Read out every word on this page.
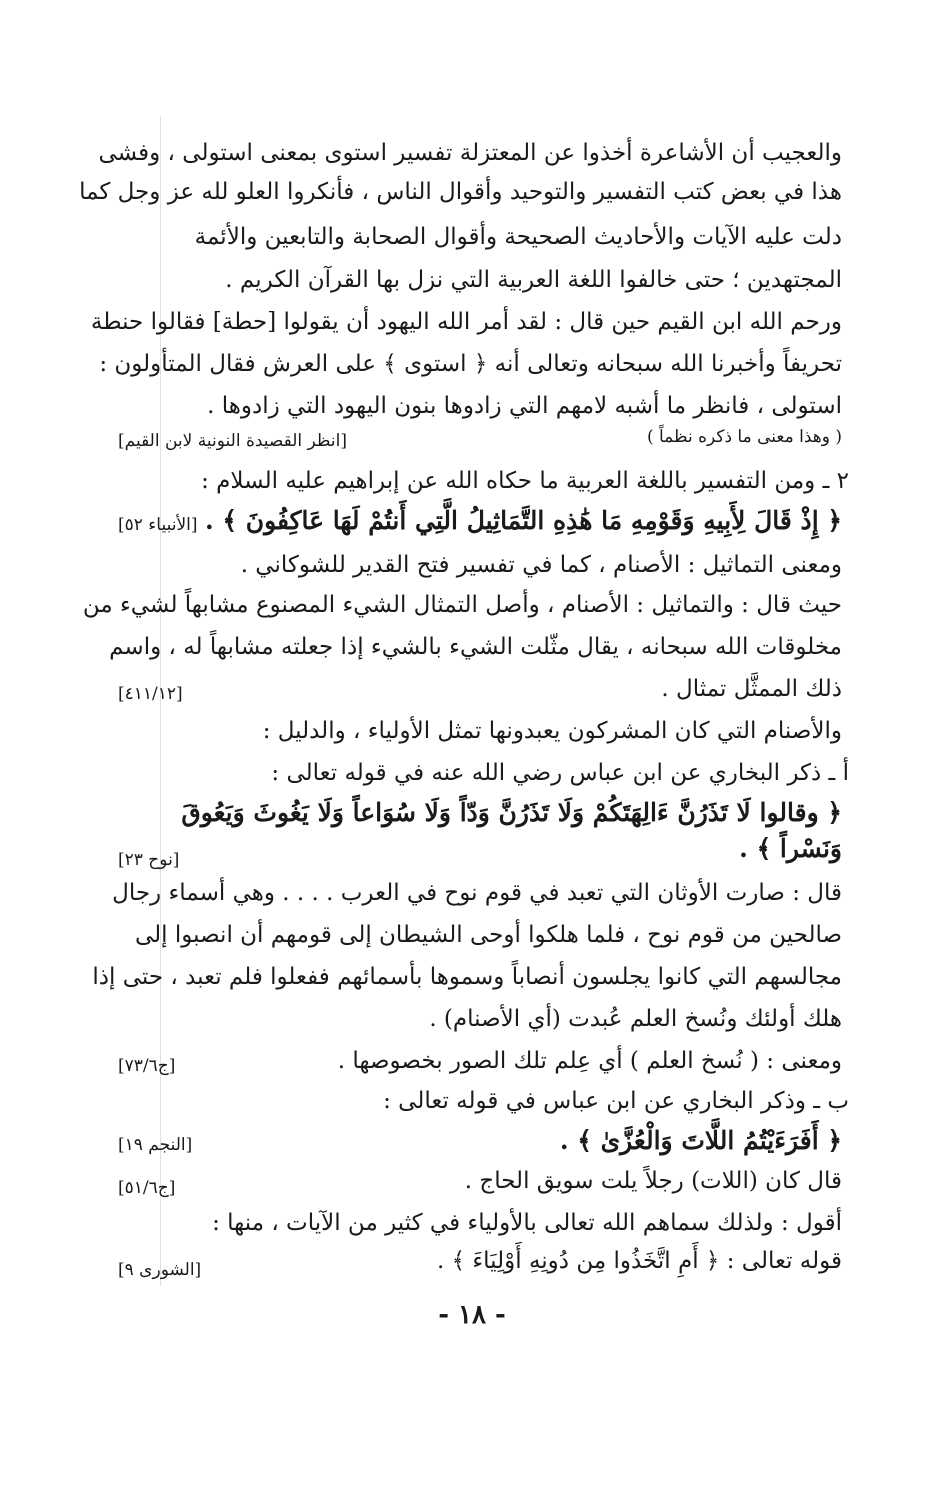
والعجيب أن الأشاعرة أخذوا عن المعتزلة تفسير استوى بمعنى استولى ، وفشى
هذا في بعض كتب التفسير والتوحيد وأقوال الناس ، فأنكروا العلو لله عز وجل كما
دلت عليه الآيات والأحاديث الصحيحة وأقوال الصحابة والتابعين والأئمة
المجتهدين ؛ حتى خالفوا اللغة العربية التي نزل بها القرآن الكريم .
ورحم الله ابن القيم حين قال : لقد أمر الله اليهود أن يقولوا [حطة] فقالوا حنطة
تحريفاً وأخبرنا الله سبحانه وتعالى أنه ﴿ استوى ﴾ على العرش فقال المتأولون :
استولى ، فانظر ما أشبه لامهم التي زادوها بنون اليهود التي زادوها .
( وهذا معنى ما ذكره نظماً )
[انظر القصيدة النونية لابن القيم]
٢ ـ ومن التفسير باللغة العربية ما حكاه الله عن إبراهيم عليه السلام :
﴿ إِذْ قَالَ لِأَبِيهِ وَقَوْمِهِ مَا هَٰذِهِ التَّمَاثِيلُ الَّتِي أَنتُمْ لَهَا عَاكِفُونَ ﴾ .
[الأنبياء ٥٢]
ومعنى التماثيل : الأصنام ، كما في تفسير فتح القدير للشوكاني .
حيث قال : والتماثيل : الأصنام ، وأصل التمثال الشيء المصنوع مشابهاً لشيء من
مخلوقات الله سبحانه ، يقال مثّلت الشيء بالشيء إذا جعلته مشابهاً له ، واسم
ذلك الممثَّل تمثال .
[٤١١/١٢]
والأصنام التي كان المشركون يعبدونها تمثل الأولياء ، والدليل :
أ ـ ذكر البخاري عن ابن عباس رضي الله عنه في قوله تعالى :
﴿ وقالوا لَا تَذَرُنَّ ءَالِهَتَكُمْ وَلَا تَذَرُنَّ وَدّاً وَلَا سُوَاعاً وَلَا يَغُوثَ وَيَعُوقَ
وَنَسْراً ﴾ .
[نوح ٢٣]
قال : صارت الأوثان التي تعبد في قوم نوح في العرب . . . . وهي أسماء رجال
صالحين من قوم نوح ، فلما هلكوا أوحى الشيطان إلى قومهم أن انصبوا إلى
مجالسهم التي كانوا يجلسون أنصاباً وسموها بأسمائهم ففعلوا فلم تعبد ، حتى إذا
هلك أولئك ونُسخ العلم عُبدت (أي الأصنام) .
ومعنى : ( نُسخ العلم ) أي عِلم تلك الصور بخصوصها .
[ج٧٣/٦]
ب ـ وذكر البخاري عن ابن عباس في قوله تعالى :
﴿ أَفَرَءَيْتُمُ اللَّاتَ وَالْعُزَّىٰ ﴾ .
[النجم ١٩]
قال كان (اللات) رجلاً يلت سويق الحاج .
[ج٥١/٦]
أقول : ولذلك سماهم الله تعالى بالأولياء في كثير من الآيات ، منها :
قوله تعالى : ﴿ أَمِ اتَّخَذُوا مِن دُونِهِ أَوْلِيَاءَ ﴾ .
[الشورى ٩]
- ١٨ -
